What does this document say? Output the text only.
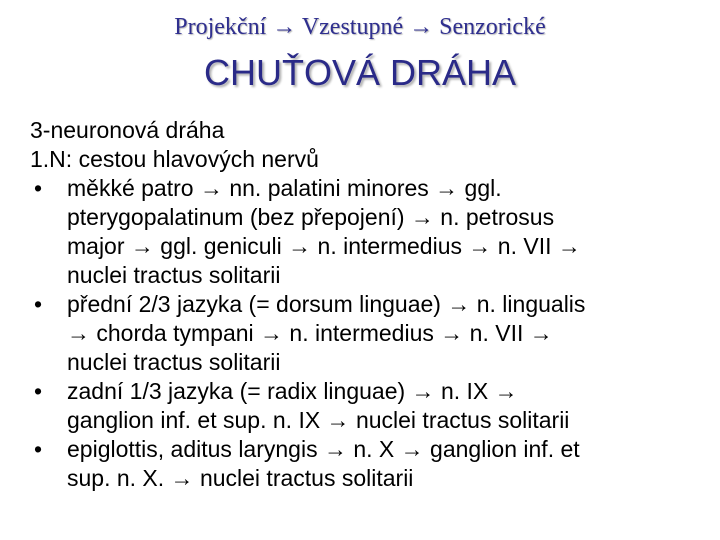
Projekční → Vzestupné → Senzorické
CHUŤOVÁ DRÁHA

3-neuronová dráha

1.N: cestou hlavových nervů

• měkké patro → nn. palatini minores → ggl.
pterygopalatinum (bez přepojení) → n. petrosus
major → ggl. geniculi → n. intermedius → n. VII →
nuclei tractus solitarii
• přední 2/3 jazyka (= dorsum linguae) → n. lingualis
→ chorda tympani → n. intermedius → n. VII →
nuclei tractus solitarii
• zadní 1/3 jazyka (= radix linguae) → n. IX →
ganglion inf. et sup. n. IX → nuclei tractus solitarii
• epiglottis, aditus laryngis → n. X → ganglion inf. et
sup. n. X. → nuclei tractus solitarii
